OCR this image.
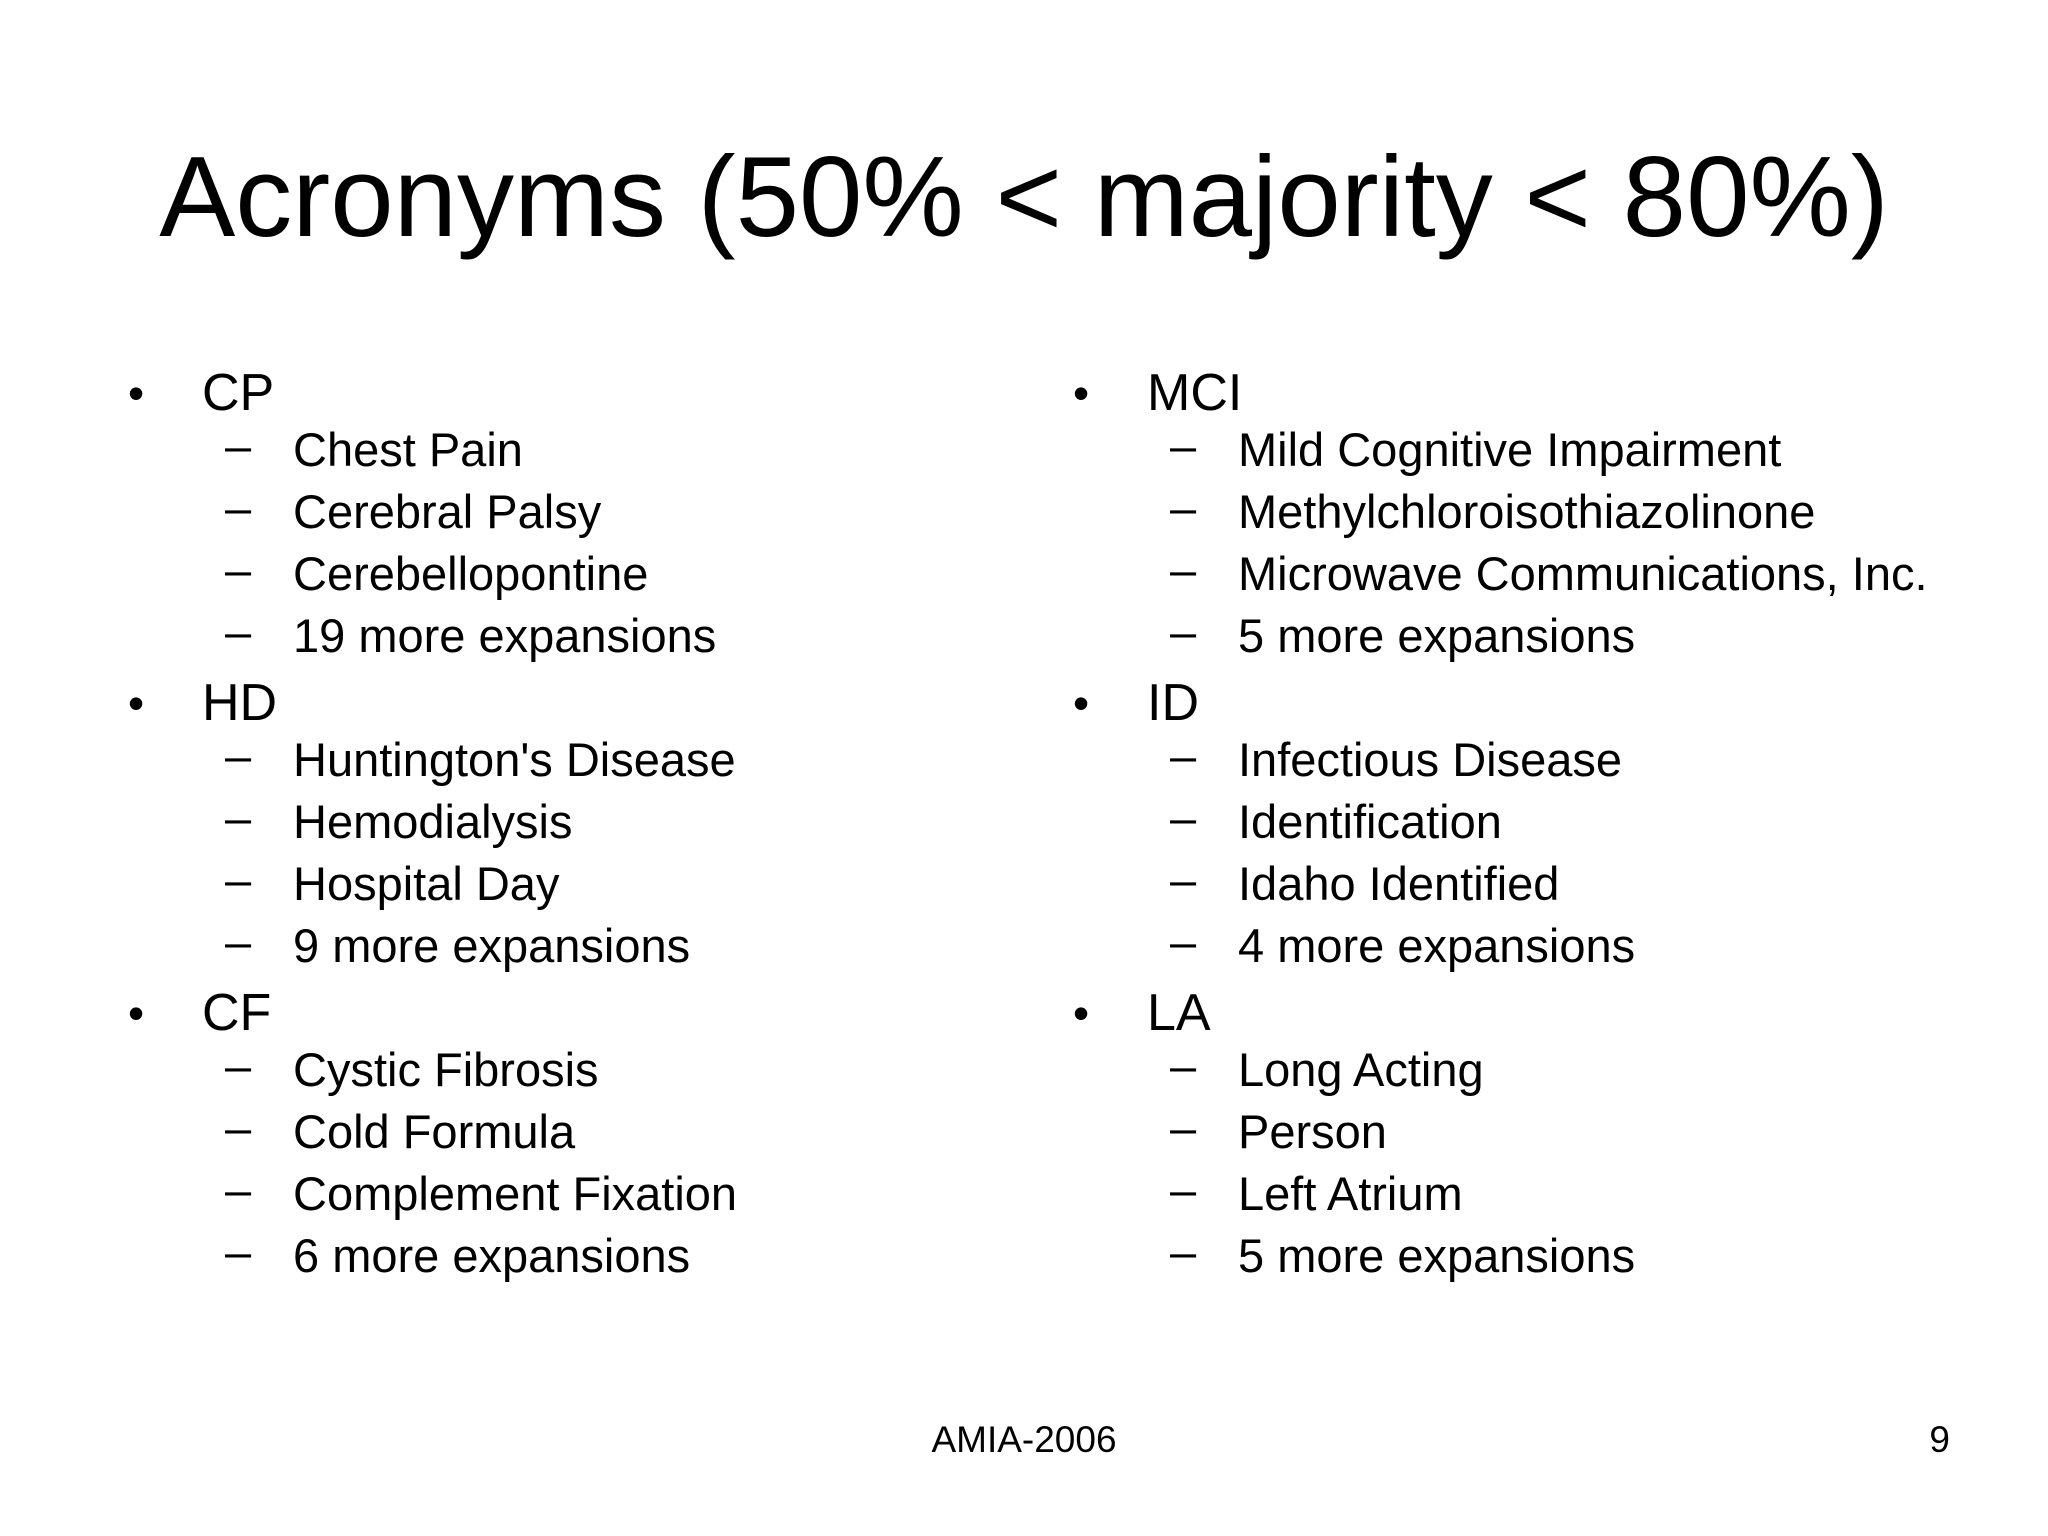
Acronyms (50% < majority < 80%)
• CP
– Chest Pain
– Cerebral Palsy
– Cerebellopontine
– 19 more expansions
• HD
– Huntington's Disease
– Hemodialysis
– Hospital Day
– 9 more expansions
• CF
– Cystic Fibrosis
– Cold Formula
– Complement Fixation
– 6 more expansions
• MCI
– Mild Cognitive Impairment
– Methylchloroisothiazolinone
– Microwave Communications, Inc.
– 5 more expansions
• ID
– Infectious Disease
– Identification
– Idaho Identified
– 4 more expansions
• LA
– Long Acting
– Person
– Left Atrium
– 5 more expansions
AMIA-2006	9
